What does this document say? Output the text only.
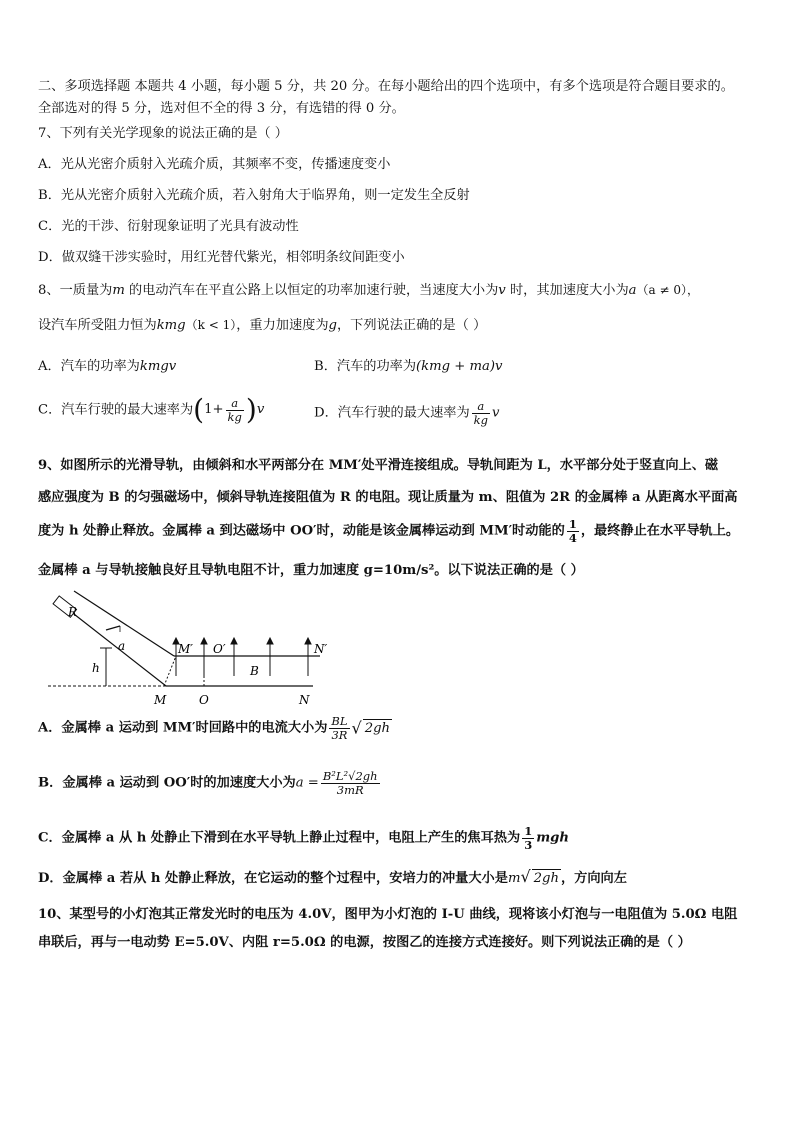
二、多项选择题 本题共 4 小题，每小题 5 分，共 20 分。在每小题给出的四个选项中，有多个选项是符合题目要求的。
全部选对的得 5 分，选对但不全的得 3 分，有选错的得 0 分。
7、下列有关光学现象的说法正确的是（ ）
A．光从光密介质射入光疏介质，其频率不变，传播速度变小
B．光从光密介质射入光疏介质，若入射角大于临界角，则一定发生全反射
C．光的干涉、衍射现象证明了光具有波动性
D．做双缝干涉实验时，用红光替代紫光，相邻明条纹间距变小
8、一质量为m 的电动汽车在平直公路上以恒定的功率加速行驶，当速度大小为v 时，其加速度大小为a（a ≠ 0），
设汽车所受阻力恒为kmg（k < 1），重力加速度为g，下列说法正确的是（ ）
A．汽车的功率为kmgv	B．汽车的功率为(kmg + ma)v
C．汽车行驶的最大速率为$(1+ \frac{a}{kg} )v$	D．汽车行驶的最大速率为 $\frac{a}{kg}$ v
9、如图所示的光滑导轨，由倾斜和水平两部分在 MM′处平滑连接组成。导轨间距为 L，水平部分处于竖直向上、磁
感应强度为 B 的匀强磁场中，倾斜导轨连接阻值为 R 的电阻。现让质量为 m、阻值为 2R 的金属棒 a 从距离水平面高
度为 h 处静止释放。金属棒 a 到达磁场中 OO′时，动能是该金属棒运动到 MM′时动能的 $\frac{1}{4}$ ，最终静止在水平导轨上。
金属棒 a 与导轨接触良好且导轨电阻不计，重力加速度 g=10m/s²。以下说法正确的是（ ）
R
a
h
M′ O′	N′
B
M	O	N
A．金属棒 a 运动到 MM′时回路中的电流大小为 $\frac{BL}{3R}$ √ 2gh
B．金属棒 a 运动到 OO′时的加速度大小为$a = \frac{\text{B²L²√2gh}}{3mR}$
C．金属棒 a 从 h 处静止下滑到在水平导轨上静止过程中，电阻上产生的焦耳热为 $\frac{1}{3}$ mgh
D．金属棒 a 若从 h 处静止释放，在它运动的整个过程中，安培力的冲量大小是m√ 2gh ，方向向左
10、某型号的小灯泡其正常发光时的电压为 4.0V，图甲为小灯泡的 I-U 曲线，现将该小灯泡与一电阻值为 5.0Ω 电阻
串联后，再与一电动势 E=5.0V、内阻 r=5.0Ω 的电源，按图乙的连接方式连接好。则下列说法正确的是（ ）
